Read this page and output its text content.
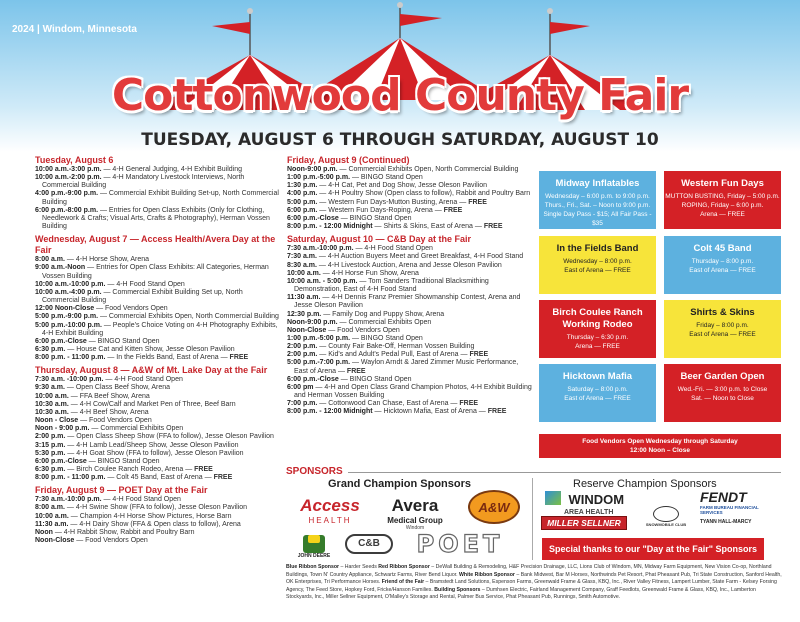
2024 | Windom, Minnesota
Cottonwood County Fair
TUESDAY, AUGUST 6 THROUGH SATURDAY, AUGUST 10
Tuesday, August 6
10:00 a.m.-3:00 p.m. — 4-H General Judging, 4-H Exhibit Building
10:00 a.m.-2:00 p.m. — 4-H Mandatory Livestock Interviews, North Commercial Building
4:00 p.m.-9:00 p.m. — Commercial Exhibit Building Set-up, North Commercial Building
6:00 p.m.-8:00 p.m. — Entries for Open Class Exhibits (Only for Clothing, Needlework & Crafts; Visual Arts, Crafts & Photography), Herman Vossen Building
Wednesday, August 7 — Access Health/Avera Day at the Fair
8:00 a.m. — 4-H Horse Show, Arena
9:00 a.m.-Noon — Entries for Open Class Exhibits: All Categories, Herman Vossen Building
10:00 a.m.-10:00 p.m. — 4-H Food Stand Open
10:00 a.m.-4:00 p.m. — Commercial Exhibit Building Set up, North Commercial Building
12:00 Noon-Close — Food Vendors Open
5:00 p.m.-9:00 p.m. — Commercial Exhibits Open, North Commercial Building
5:00 p.m.-10:00 p.m. — People's Choice Voting on 4-H Photography Exhibits, 4-H Exhibit Building
6:00 p.m.-Close — BINGO Stand Open
6:30 p.m. — House Cat and Kitten Show, Jesse Oleson Pavilion
8:00 p.m. - 11:00 p.m. — In the Fields Band, East of Arena — FREE
Thursday, August 8 — A&W of Mt. Lake Day at the Fair
7:30 a.m. -10:00 p.m. — 4-H Food Stand Open
9:30 a.m. — Open Class Beef Show, Arena
10:00 a.m. — FFA Beef Show, Arena
10:30 a.m. — 4-H Cow/Calf and Market Pen of Three, Beef Barn
10:30 a.m. — 4-H Beef Show, Arena
Noon - Close — Food Vendors Open
Noon - 9:00 p.m. — Commercial Exhibits Open
2:00 p.m. — Open Class Sheep Show (FFA to follow), Jesse Oleson Pavilion
3:15 p.m. — 4-H Lamb Lead/Sheep Show, Jesse Oleson Pavilion
5:30 p.m. — 4-H Goat Show (FFA to follow), Jesse Oleson Pavilion
6:00 p.m.-Close — BINGO Stand Open
6:30 p.m. — Birch Coulee Ranch Rodeo, Arena — FREE
8:00 p.m. - 11:00 p.m. — Colt 45 Band, East of Arena — FREE
Friday, August 9 — POET Day at the Fair
7:30 a.m.-10:00 p.m. — 4-H Food Stand Open
8:00 a.m. — 4-H Swine Show (FFA to follow), Jesse Oleson Pavilion
10:00 a.m. — Champion 4-H Horse Show Pictures, Horse Barn
11:30 a.m. — 4-H Dairy Show (FFA & Open class to follow), Arena
Noon — 4-H Rabbit Show, Rabbit and Poultry Barn
Noon-Close — Food Vendors Open
Friday, August 9 (Continued)
Noon-9:00 p.m. — Commercial Exhibits Open, North Commercial Building
1:00 p.m.-5:00 p.m. — BINGO Stand Open
1:30 p.m. — 4-H Cat, Pet and Dog Show, Jesse Oleson Pavilion
4:00 p.m. — 4-H Poultry Show (Open class to follow), Rabbit and Poultry Barn
5:00 p.m. — Western Fun Days-Mutton Busting, Arena — FREE
6:00 p.m. — Western Fun Days-Roping, Arena — FREE
6:00 p.m.-Close — BINGO Stand Open
8:00 p.m. - 12:00 Midnight — Shirts & Skins, East of Arena — FREE
Saturday, August 10 — C&B Day at the Fair
7:30 a.m.-10:00 p.m. — 4-H Food Stand Open
7:30 a.m. — 4-H Auction Buyers Meet and Greet Breakfast, 4-H Food Stand
8:30 a.m. — 4-H Livestock Auction, Arena and Jesse Oleson Pavilion
10:00 a.m. — 4-H Horse Fun Show, Arena
10:00 a.m. - 5:00 p.m. — Tom Sanders Traditional Blacksmithing Demonstration, East of 4-H Food Stand
11:30 a.m. — 4-H Dennis Franz Premier Showmanship Contest, Arena and Jesse Oleson Pavilion
12:30 p.m. — Family Dog and Puppy Show, Arena
Noon-9:00 p.m. — Commercial Exhibits Open
Noon-Close — Food Vendors Open
1:00 p.m.-5:00 p.m. — BINGO Stand Open
2:00 p.m. — County Fair Bake-Off, Herman Vossen Building
2:00 p.m. — Kid's and Adult's Pedal Pull, East of Arena — FREE
5:00 p.m.-7:00 p.m. — Waylon Arndt & Jared Zimmer Music Performance, East of Arena — FREE
6:00 p.m.-Close — BINGO Stand Open
6:00 pm — 4-H and Open Class Grand Champion Photos, 4-H Exhibit Building and Herman Vossen Building
7:00 p.m. — Cottonwood Can Chase, East of Arena — FREE
8:00 p.m. - 12:00 Midnight — Hicktown Mafia, East of Arena — FREE
Midway Inflatables
Wednesday – 6:00 p.m. to 9:00 p.m.
Thurs., Fri., Sat. – Noon to 9:00 p.m.
Single Day Pass - $15; All Fair Pass - $35
Western Fun Days
MUTTON BUSTING, Friday – 5:00 p.m.
ROPING, Friday – 6:00 p.m.
Arena — FREE
In the Fields Band
Wednesday – 8:00 p.m.
East of Arena — FREE
Colt 45 Band
Thursday – 8:00 p.m.
East of Arena — FREE
Birch Coulee Ranch Working Rodeo
Thursday – 6:30 p.m.
Arena — FREE
Shirts & Skins
Friday – 8:00 p.m.
East of Arena — FREE
Hicktown Mafia
Saturday – 8:00 p.m.
East of Arena — FREE
Beer Garden Open
Wed.-Fri. — 3:00 p.m. to Close
Sat. — Noon to Close
Food Vendors Open Wednesday through Saturday
12:00 Noon – Close
SPONSORS
Grand Champion Sponsors	Reserve Champion Sponsors
Access
HEALTH
Avera
Medical Group
Windom
A&W
JOHN DEERE
C&B	POET
WINDOM
AREA HEALTH
FENDT
FARM BUREAU FINANCIAL SERVICES
TYANN HALL-MARCY
MILLER SELLNER	SNOWMOBILE CLUB
Special thanks to our "Day at the Fair" Sponsors
Blue Ribbon Sponsor – Harder Seeds Red Ribbon Sponsor – DeWall Building & Remodeling, H&F Precision Drainage, LLC, Lions Club of Windom, MN, Midway Farm Equipment, New Vision Co-op, Northland Buildings, Town N' Country Appliance, Schwartz Farms, River Bend Liquor. White Ribbon Sponsor – Bank Midwest, Bar M Horses, Northwinds Pet Resort, Phat Pheasant Pub, Tri State Construction, Sanford Health, OK Enterprises, Tri Performance Horses. Friend of the Fair – Bramstedt Land Solutions, Espenson Farms, Greenwald Frame & Glass, KBQ, Inc., River Valley Fitness, Lampert Lumber, State Farm - Kelsey Forsing Agency, The Feed Store, Hopkey Ford, Fricke/Hanson Families. Building Sponsors – Dumhsen Electric, Fairland Management Company, Graff Feedlots, Greenwald Frame & Glass, KBQ, Inc., Lamberton Stockyards, Inc., Miller Sellner Equipment, O'Malley's Storage and Rental, Palmer Bus Service, Phat Pheasant Pub, Runnings, Smith Automotive.
